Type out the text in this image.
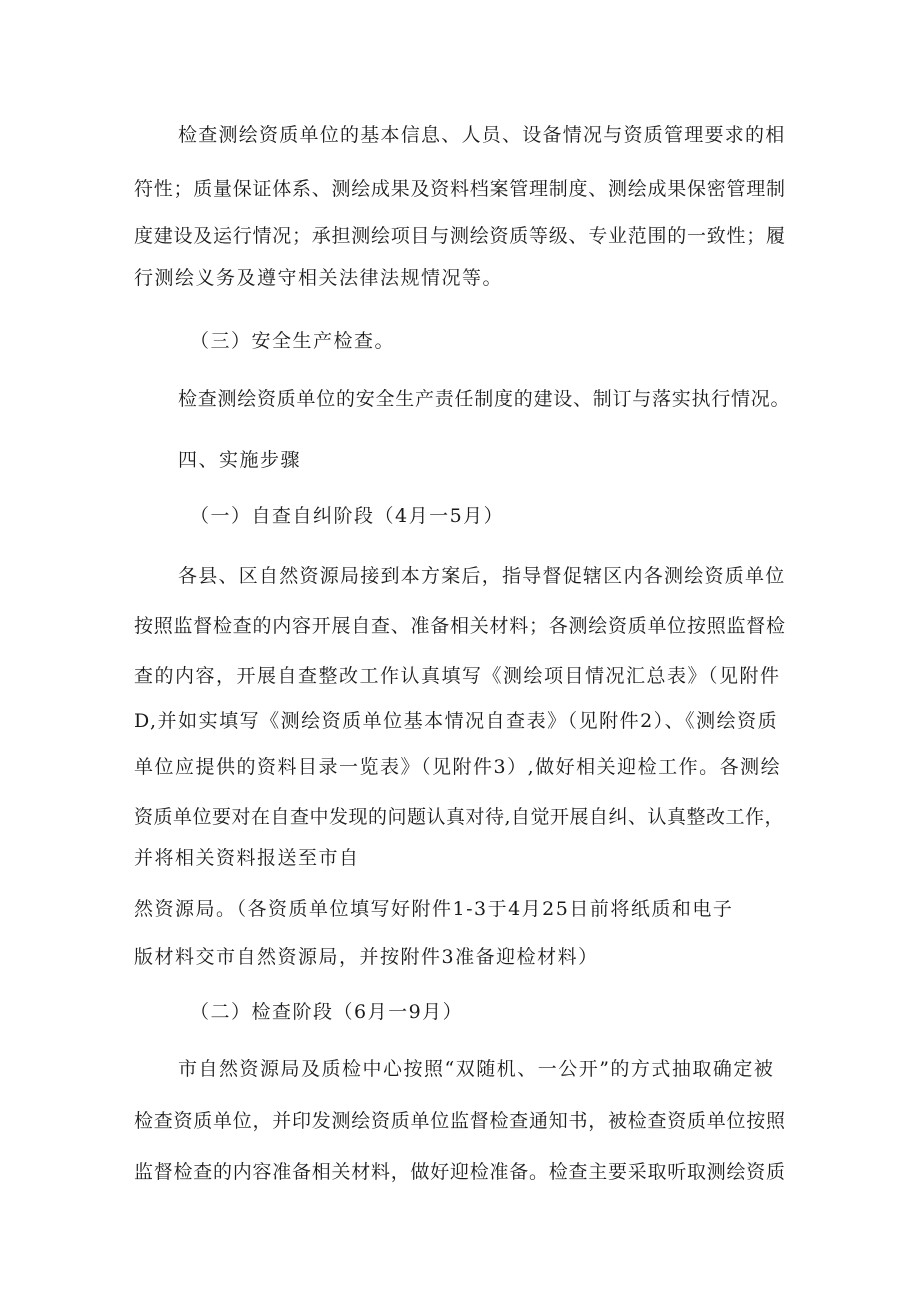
检查测绘资质单位的基本信息、人员、设备情况与资质管理要求的相
符性；质量保证体系、测绘成果及资料档案管理制度、测绘成果保密管理制
度建设及运行情况；承担测绘项目与测绘资质等级、专业范围的一致性；履
行测绘义务及遵守相关法律法规情况等。
（三）安全生产检查。
检查测绘资质单位的安全生产责任制度的建设、制订与落实执行情况。
四、实施步骤
（一）自查自纠阶段（4月一5月）
各县、区自然资源局接到本方案后，指导督促辖区内各测绘资质单位
按照监督检查的内容开展自查、准备相关材料；各测绘资质单位按照监督检
查的内容，开展自查整改工作认真填写《测绘项目情况汇总表》（见附件
D,并如实填写《测绘资质单位基本情况自查表》（见附件2）、《测绘资质
单位应提供的资料目录一览表》（见附件3）,做好相关迎检工作。各测绘
资质单位要对在自查中发现的问题认真对待,自觉开展自纠、认真整改工作，
并将相关资料报送至市自
然资源局。（各资质单位填写好附件1-3于4月25日前将纸质和电子
版材料交市自然资源局，并按附件3准备迎检材料）
（二）检查阶段（6月一9月）
市自然资源局及质检中心按照“双随机、一公开”的方式抽取确定被
检查资质单位，并印发测绘资质单位监督检查通知书，被检查资质单位按照
监督检查的内容准备相关材料，做好迎检准备。检查主要采取听取测绘资质
